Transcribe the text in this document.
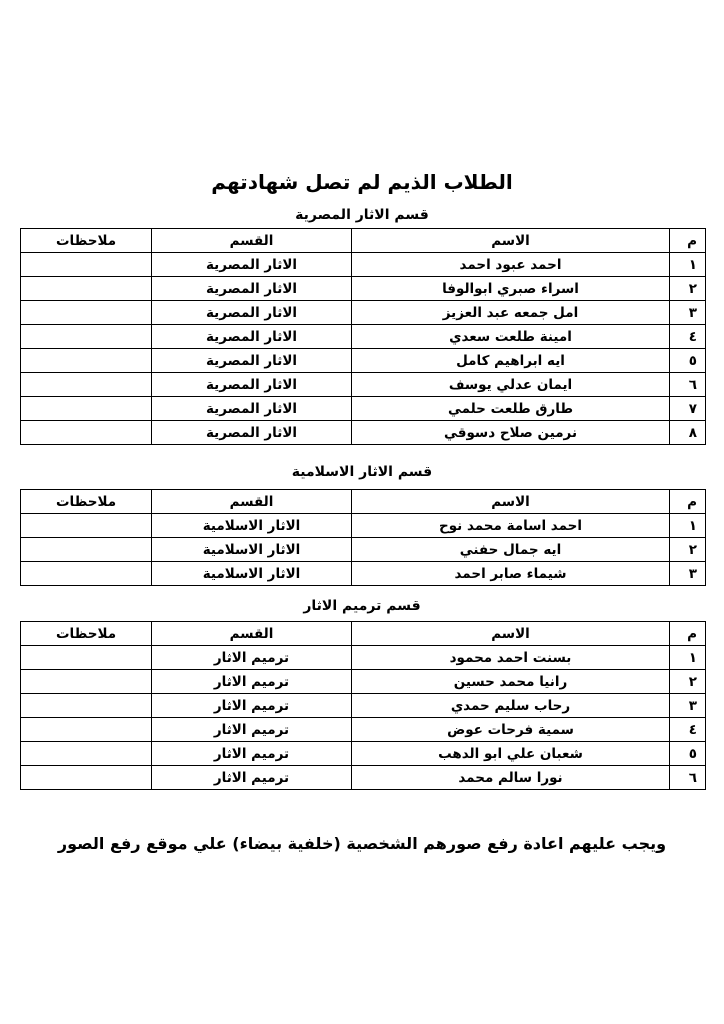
الطلاب الذيم لم تصل شهادتهم
قسم الاثار المصرية
م	الاسم	القسم	ملاحظات
١	احمد عبود احمد	الاثار المصرية	
٢	اسراء صبري ابوالوفا	الاثار المصرية	
٣	امل جمعه عبد العزيز	الاثار المصرية	
٤	امينة طلعت سعدي	الاثار المصرية	
٥	ايه ابراهيم كامل	الاثار المصرية	
٦	ايمان عدلي يوسف	الاثار المصرية	
٧	طارق طلعت حلمي	الاثار المصرية	
٨	نرمين صلاح دسوقي	الاثار المصرية	
قسم الاثار الاسلامية
م	الاسم	القسم	ملاحظات
١	احمد اسامة محمد نوح	الاثار الاسلامية	
٢	ايه جمال حفني	الاثار الاسلامية	
٣	شيماء صابر احمد	الاثار الاسلامية	
قسم ترميم الاثار
م	الاسم	القسم	ملاحظات
١	بسنت احمد محمود	ترميم الاثار	
٢	رانيا محمد حسين	ترميم الاثار	
٣	رحاب سليم حمدي	ترميم الاثار	
٤	سمية فرحات عوض	ترميم الاثار	
٥	شعبان علي ابو الدهب	ترميم الاثار	
٦	نورا سالم محمد	ترميم الاثار	
ويجب عليهم اعادة رفع صورهم الشخصية (خلفية بيضاء) علي موقع رفع الصور
